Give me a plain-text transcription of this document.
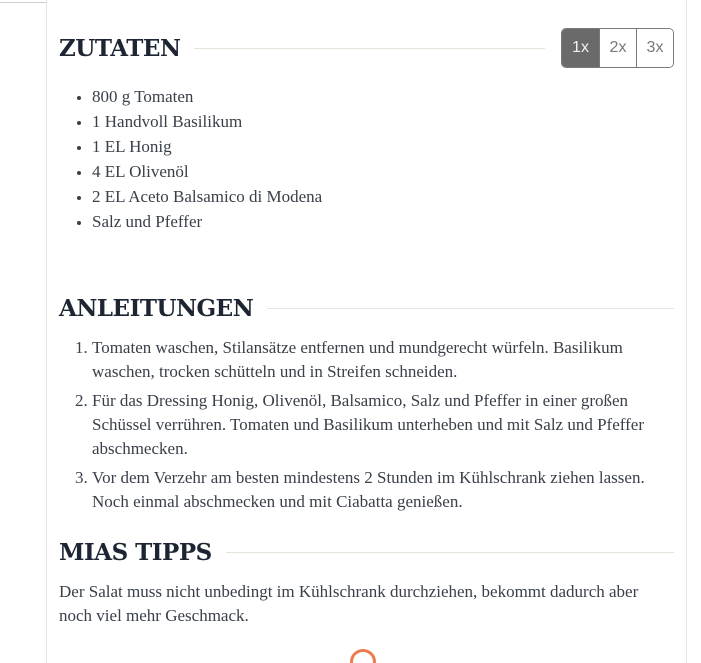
ZUTATEN	1x	2x	3x
• 800 g Tomaten
• 1 Handvoll Basilikum
• 1 EL Honig
• 4 EL Olivenöl
• 2 EL Aceto Balsamico di Modena
• Salz und Pfeffer
ANLEITUNGEN
1. Tomaten waschen, Stilansätze entfernen und mundgerecht würfeln. Basilikum waschen, trocken schütteln und in Streifen schneiden.
2. Für das Dressing Honig, Olivenöl, Balsamico, Salz und Pfeffer in einer großen Schüssel verrühren. Tomaten und Basilikum unterheben und mit Salz und Pfeffer abschmecken.
3. Vor dem Verzehr am besten mindestens 2 Stunden im Kühlschrank ziehen lassen. Noch einmal abschmecken und mit Ciabatta genießen.
MIAS TIPPS

Der Salat muss nicht unbedingt im Kühlschrank durchziehen, bekommt dadurch aber noch viel mehr Geschmack.
